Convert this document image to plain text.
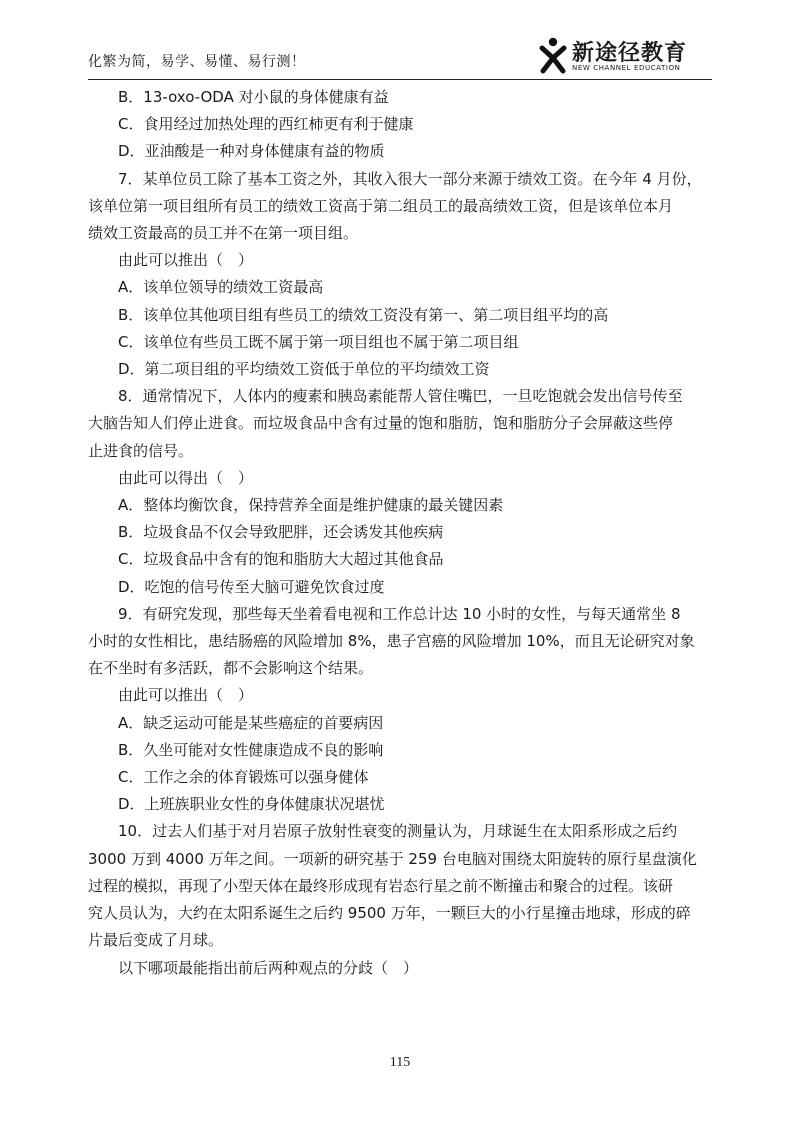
化繁为简，易学、易懂、易行测！	新途径教育
NEW CHANNEL EDUCATION

B．13-oxo-ODA 对小鼠的身体健康有益

C．食用经过加热处理的西红柿更有利于健康

D．亚油酸是一种对身体健康有益的物质

7．某单位员工除了基本工资之外，其收入很大一部分来源于绩效工资。在今年 4 月份，

该单位第一项目组所有员工的绩效工资高于第二组员工的最高绩效工资，但是该单位本月

绩效工资最高的员工并不在第一项目组。

由此可以推出（　）

A．该单位领导的绩效工资最高

B．该单位其他项目组有些员工的绩效工资没有第一、第二项目组平均的高

C．该单位有些员工既不属于第一项目组也不属于第二项目组

D．第二项目组的平均绩效工资低于单位的平均绩效工资

8．通常情况下，人体内的瘦素和胰岛素能帮人管住嘴巴，一旦吃饱就会发出信号传至

大脑告知人们停止进食。而垃圾食品中含有过量的饱和脂肪，饱和脂肪分子会屏蔽这些停

止进食的信号。

由此可以得出（　）

A．整体均衡饮食，保持营养全面是维护健康的最关键因素

B．垃圾食品不仅会导致肥胖，还会诱发其他疾病

C．垃圾食品中含有的饱和脂肪大大超过其他食品

D．吃饱的信号传至大脑可避免饮食过度

9．有研究发现，那些每天坐着看电视和工作总计达 10 小时的女性，与每天通常坐 8

小时的女性相比，患结肠癌的风险增加 8%，患子宫癌的风险增加 10%，而且无论研究对象

在不坐时有多活跃，都不会影响这个结果。

由此可以推出（　）

A．缺乏运动可能是某些癌症的首要病因

B．久坐可能对女性健康造成不良的影响

C．工作之余的体育锻炼可以强身健体

D．上班族职业女性的身体健康状况堪忧

10．过去人们基于对月岩原子放射性衰变的测量认为，月球诞生在太阳系形成之后约

3000 万到 4000 万年之间。一项新的研究基于 259 台电脑对围绕太阳旋转的原行星盘演化

过程的模拟，再现了小型天体在最终形成现有岩态行星之前不断撞击和聚合的过程。该研

究人员认为，大约在太阳系诞生之后约 9500 万年，一颗巨大的小行星撞击地球，形成的碎

片最后变成了月球。

以下哪项最能指出前后两种观点的分歧（　）

115
